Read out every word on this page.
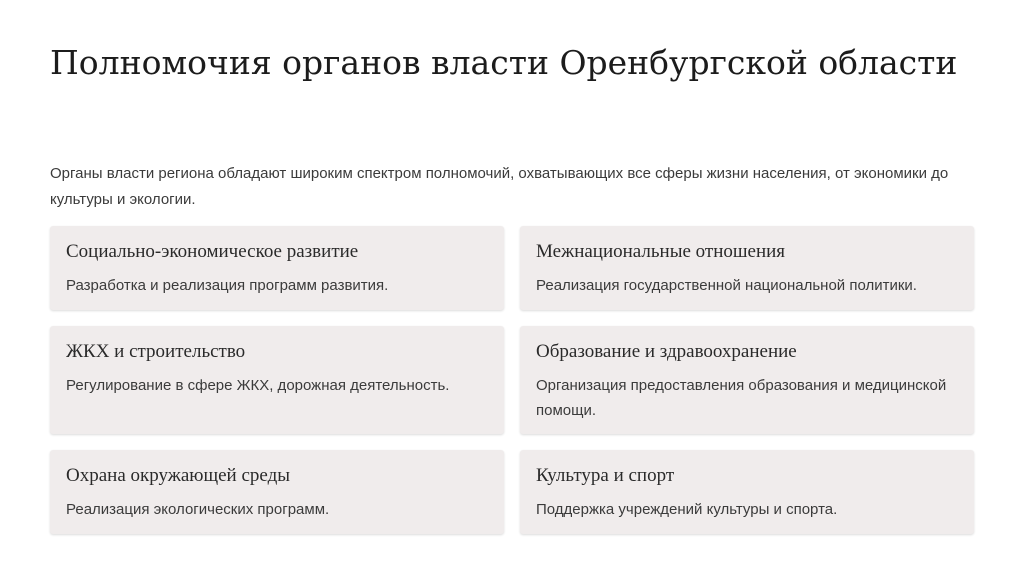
Полномочия органов власти Оренбургской области

Органы власти региона обладают широким спектром полномочий, охватывающих все сферы жизни населения, от экономики до культуры и экологии.

Социально-экономическое развитие

Разработка и реализация программ развития.

Межнациональные отношения

Реализация государственной национальной политики.

ЖКХ и строительство

Регулирование в сфере ЖКХ, дорожная деятельность.

Образование и здравоохранение

Организация предоставления образования и медицинской помощи.

Охрана окружающей среды

Реализация экологических программ.

Культура и спорт

Поддержка учреждений культуры и спорта.
